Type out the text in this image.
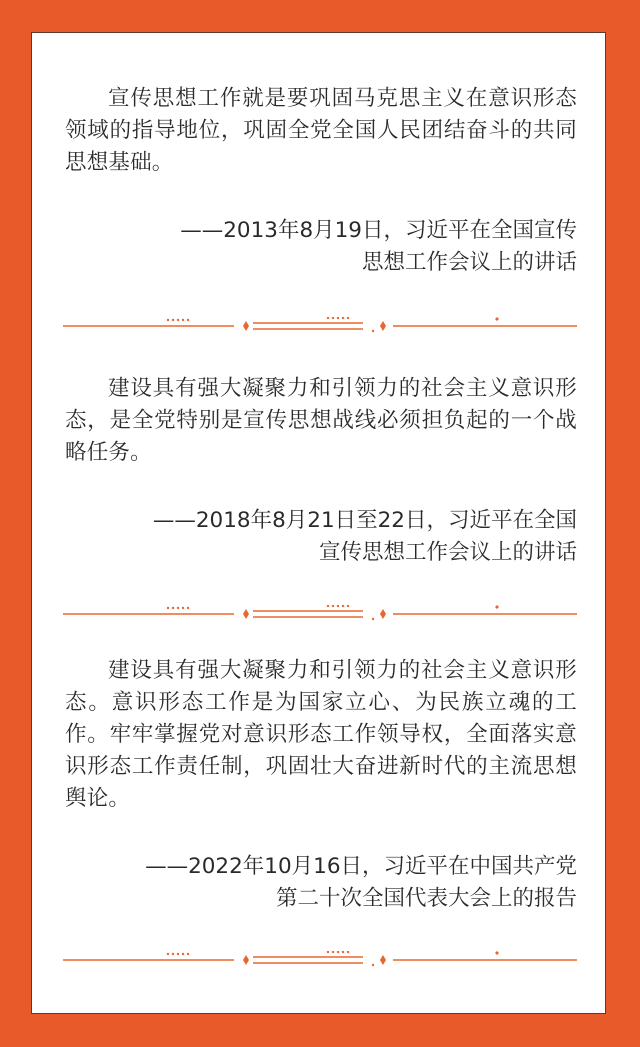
宣传思想工作就是要巩固马克思主义在意识形态领域的指导地位，巩固全党全国人民团结奋斗的共同思想基础。

——2013年8月19日，习近平在全国宣传
思想工作会议上的讲话

建设具有强大凝聚力和引领力的社会主义意识形态，是全党特别是宣传思想战线必须担负起的一个战略任务。

——2018年8月21日至22日，习近平在全国
宣传思想工作会议上的讲话

建设具有强大凝聚力和引领力的社会主义意识形态。意识形态工作是为国家立心、为民族立魂的工作。牢牢掌握党对意识形态工作领导权，全面落实意识形态工作责任制，巩固壮大奋进新时代的主流思想舆论。

——2022年10月16日，习近平在中国共产党
第二十次全国代表大会上的报告
